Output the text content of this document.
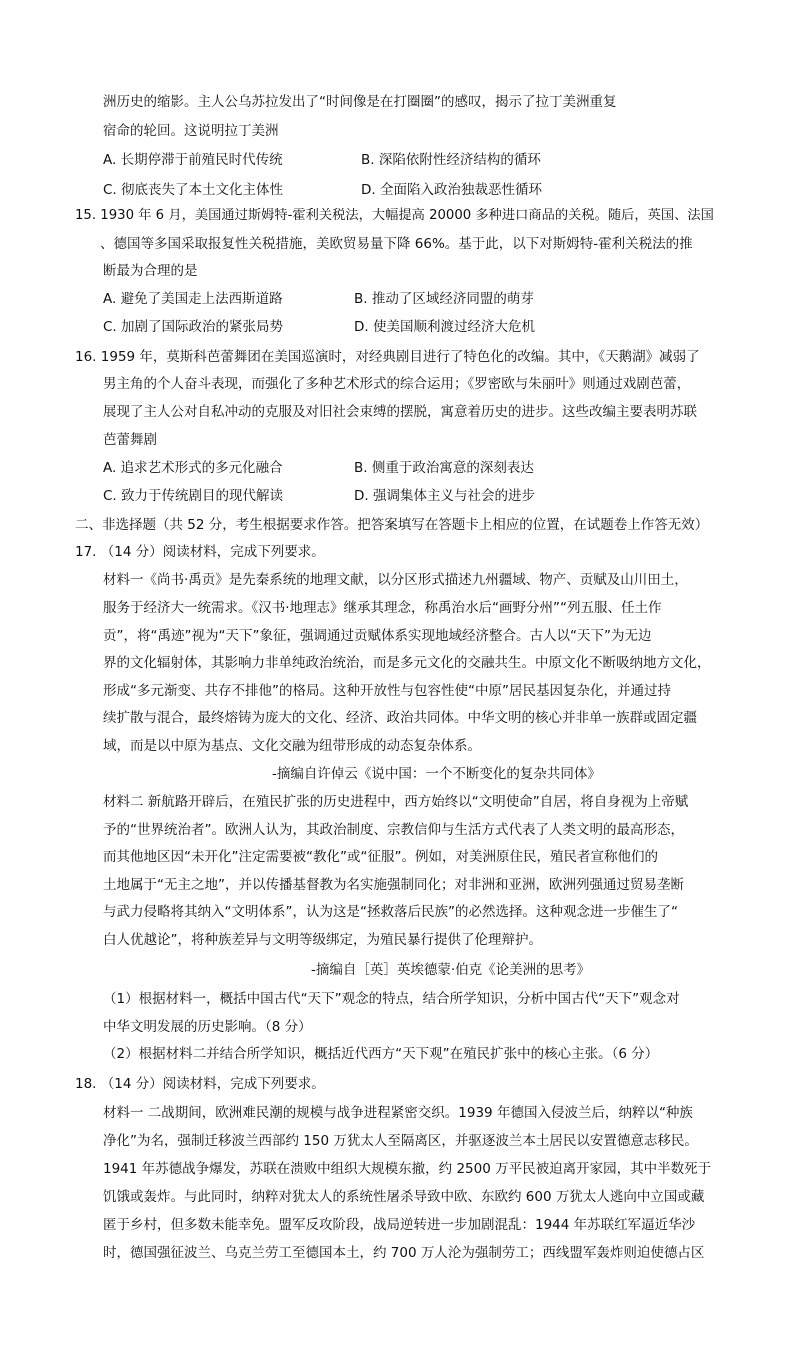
洲历史的缩影。主人公乌苏拉发出了“时间像是在打圈圈”的感叹，揭示了拉丁美洲重复
宿命的轮回。这说明拉丁美洲
A. 长期停滞于前殖民时代传统	B. 深陷依附性经济结构的循环
C. 彻底丧失了本土文化主体性	D. 全面陷入政治独裁恶性循环
15. 1930 年 6 月，美国通过斯姆特-霍利关税法，大幅提高 20000 多种进口商品的关税。随后，英国、法国
、德国等多国采取报复性关税措施，美欧贸易量下降 66%。基于此，以下对斯姆特-霍利关税法的推
断最为合理的是
A. 避免了美国走上法西斯道路	B. 推动了区域经济同盟的萌芽
C. 加剧了国际政治的紧张局势	D. 使美国顺利渡过经济大危机
16. 1959 年，莫斯科芭蕾舞团在美国巡演时，对经典剧目进行了特色化的改编。其中，《天鹅湖》减弱了
男主角的个人奋斗表现，而强化了多种艺术形式的综合运用；《罗密欧与朱丽叶》则通过戏剧芭蕾，
展现了主人公对自私冲动的克服及对旧社会束缚的摆脱，寓意着历史的进步。这些改编主要表明苏联
芭蕾舞剧
A. 追求艺术形式的多元化融合	B. 侧重于政治寓意的深刻表达
C. 致力于传统剧目的现代解读	D. 强调集体主义与社会的进步
二、非选择题（共 52 分，考生根据要求作答。把答案填写在答题卡上相应的位置，在试题卷上作答无效）
17. （14 分）阅读材料，完成下列要求。
材料一《尚书·禹贡》是先秦系统的地理文献，以分区形式描述九州疆域、物产、贡赋及山川田土，
服务于经济大一统需求。《汉书·地理志》继承其理念，称禹治水后“画野分州”“列五服、任土作
贡”，将“禹迹”视为“天下”象征，强调通过贡赋体系实现地域经济整合。古人以“天下”为无边
界的文化辐射体，其影响力非单纯政治统治，而是多元文化的交融共生。中原文化不断吸纳地方文化，
形成“多元渐变、共存不排他”的格局。这种开放性与包容性使“中原”居民基因复杂化，并通过持
续扩散与混合，最终熔铸为庞大的文化、经济、政治共同体。中华文明的核心并非单一族群或固定疆
域，而是以中原为基点、文化交融为纽带形成的动态复杂体系。
-摘编自许倬云《说中国：一个不断变化的复杂共同体》
材料二 新航路开辟后，在殖民扩张的历史进程中，西方始终以“文明使命”自居，将自身视为上帝赋
予的“世界统治者”。欧洲人认为，其政治制度、宗教信仰与生活方式代表了人类文明的最高形态，
而其他地区因“未开化”注定需要被“教化”或“征服”。例如，对美洲原住民，殖民者宣称他们的
土地属于“无主之地”，并以传播基督教为名实施强制同化；对非洲和亚洲，欧洲列强通过贸易垄断
与武力侵略将其纳入“文明体系”，认为这是“拯救落后民族”的必然选择。这种观念进一步催生了“
白人优越论”，将种族差异与文明等级绑定，为殖民暴行提供了伦理辩护。
-摘编自［英］英埃德蒙·伯克《论美洲的思考》
（1）根据材料一，概括中国古代“天下”观念的特点，结合所学知识，分析中国古代“天下”观念对
中华文明发展的历史影响。（8 分）
（2）根据材料二并结合所学知识，概括近代西方“天下观”在殖民扩张中的核心主张。（6 分）
18. （14 分）阅读材料，完成下列要求。
材料一 二战期间，欧洲难民潮的规模与战争进程紧密交织。1939 年德国入侵波兰后，纳粹以“种族
净化”为名，强制迁移波兰西部约 150 万犹太人至隔离区，并驱逐波兰本土居民以安置德意志移民。
1941 年苏德战争爆发，苏联在溃败中组织大规模东撤，约 2500 万平民被迫离开家园，其中半数死于
饥饿或轰炸。与此同时，纳粹对犹太人的系统性屠杀导致中欧、东欧约 600 万犹太人逃向中立国或藏
匿于乡村，但多数未能幸免。盟军反攻阶段，战局逆转进一步加剧混乱：1944 年苏联红军逼近华沙
时，德国强征波兰、乌克兰劳工至德国本土，约 700 万人沦为强制劳工；西线盟军轰炸则迫使德占区
